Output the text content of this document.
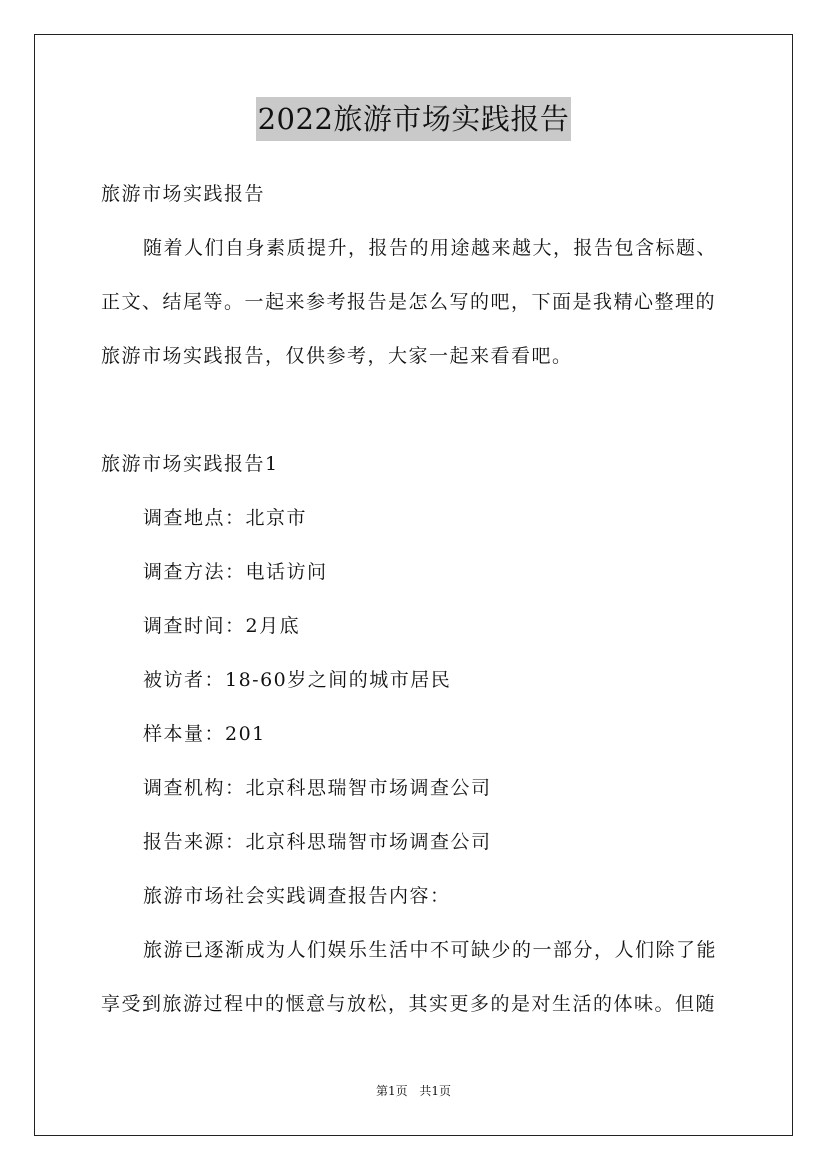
2022旅游市场实践报告
旅游市场实践报告
随着人们自身素质提升，报告的用途越来越大，报告包含标题、
正文、结尾等。一起来参考报告是怎么写的吧，下面是我精心整理的
旅游市场实践报告，仅供参考，大家一起来看看吧。
旅游市场实践报告1
调查地点：北京市
调查方法：电话访问
调查时间：2月底
被访者：18-60岁之间的城市居民
样本量：201
调查机构：北京科思瑞智市场调查公司
报告来源：北京科思瑞智市场调查公司
旅游市场社会实践调查报告内容：
旅游已逐渐成为人们娱乐生活中不可缺少的一部分，人们除了能
享受到旅游过程中的惬意与放松，其实更多的是对生活的体味。但随
第1页 共1页
